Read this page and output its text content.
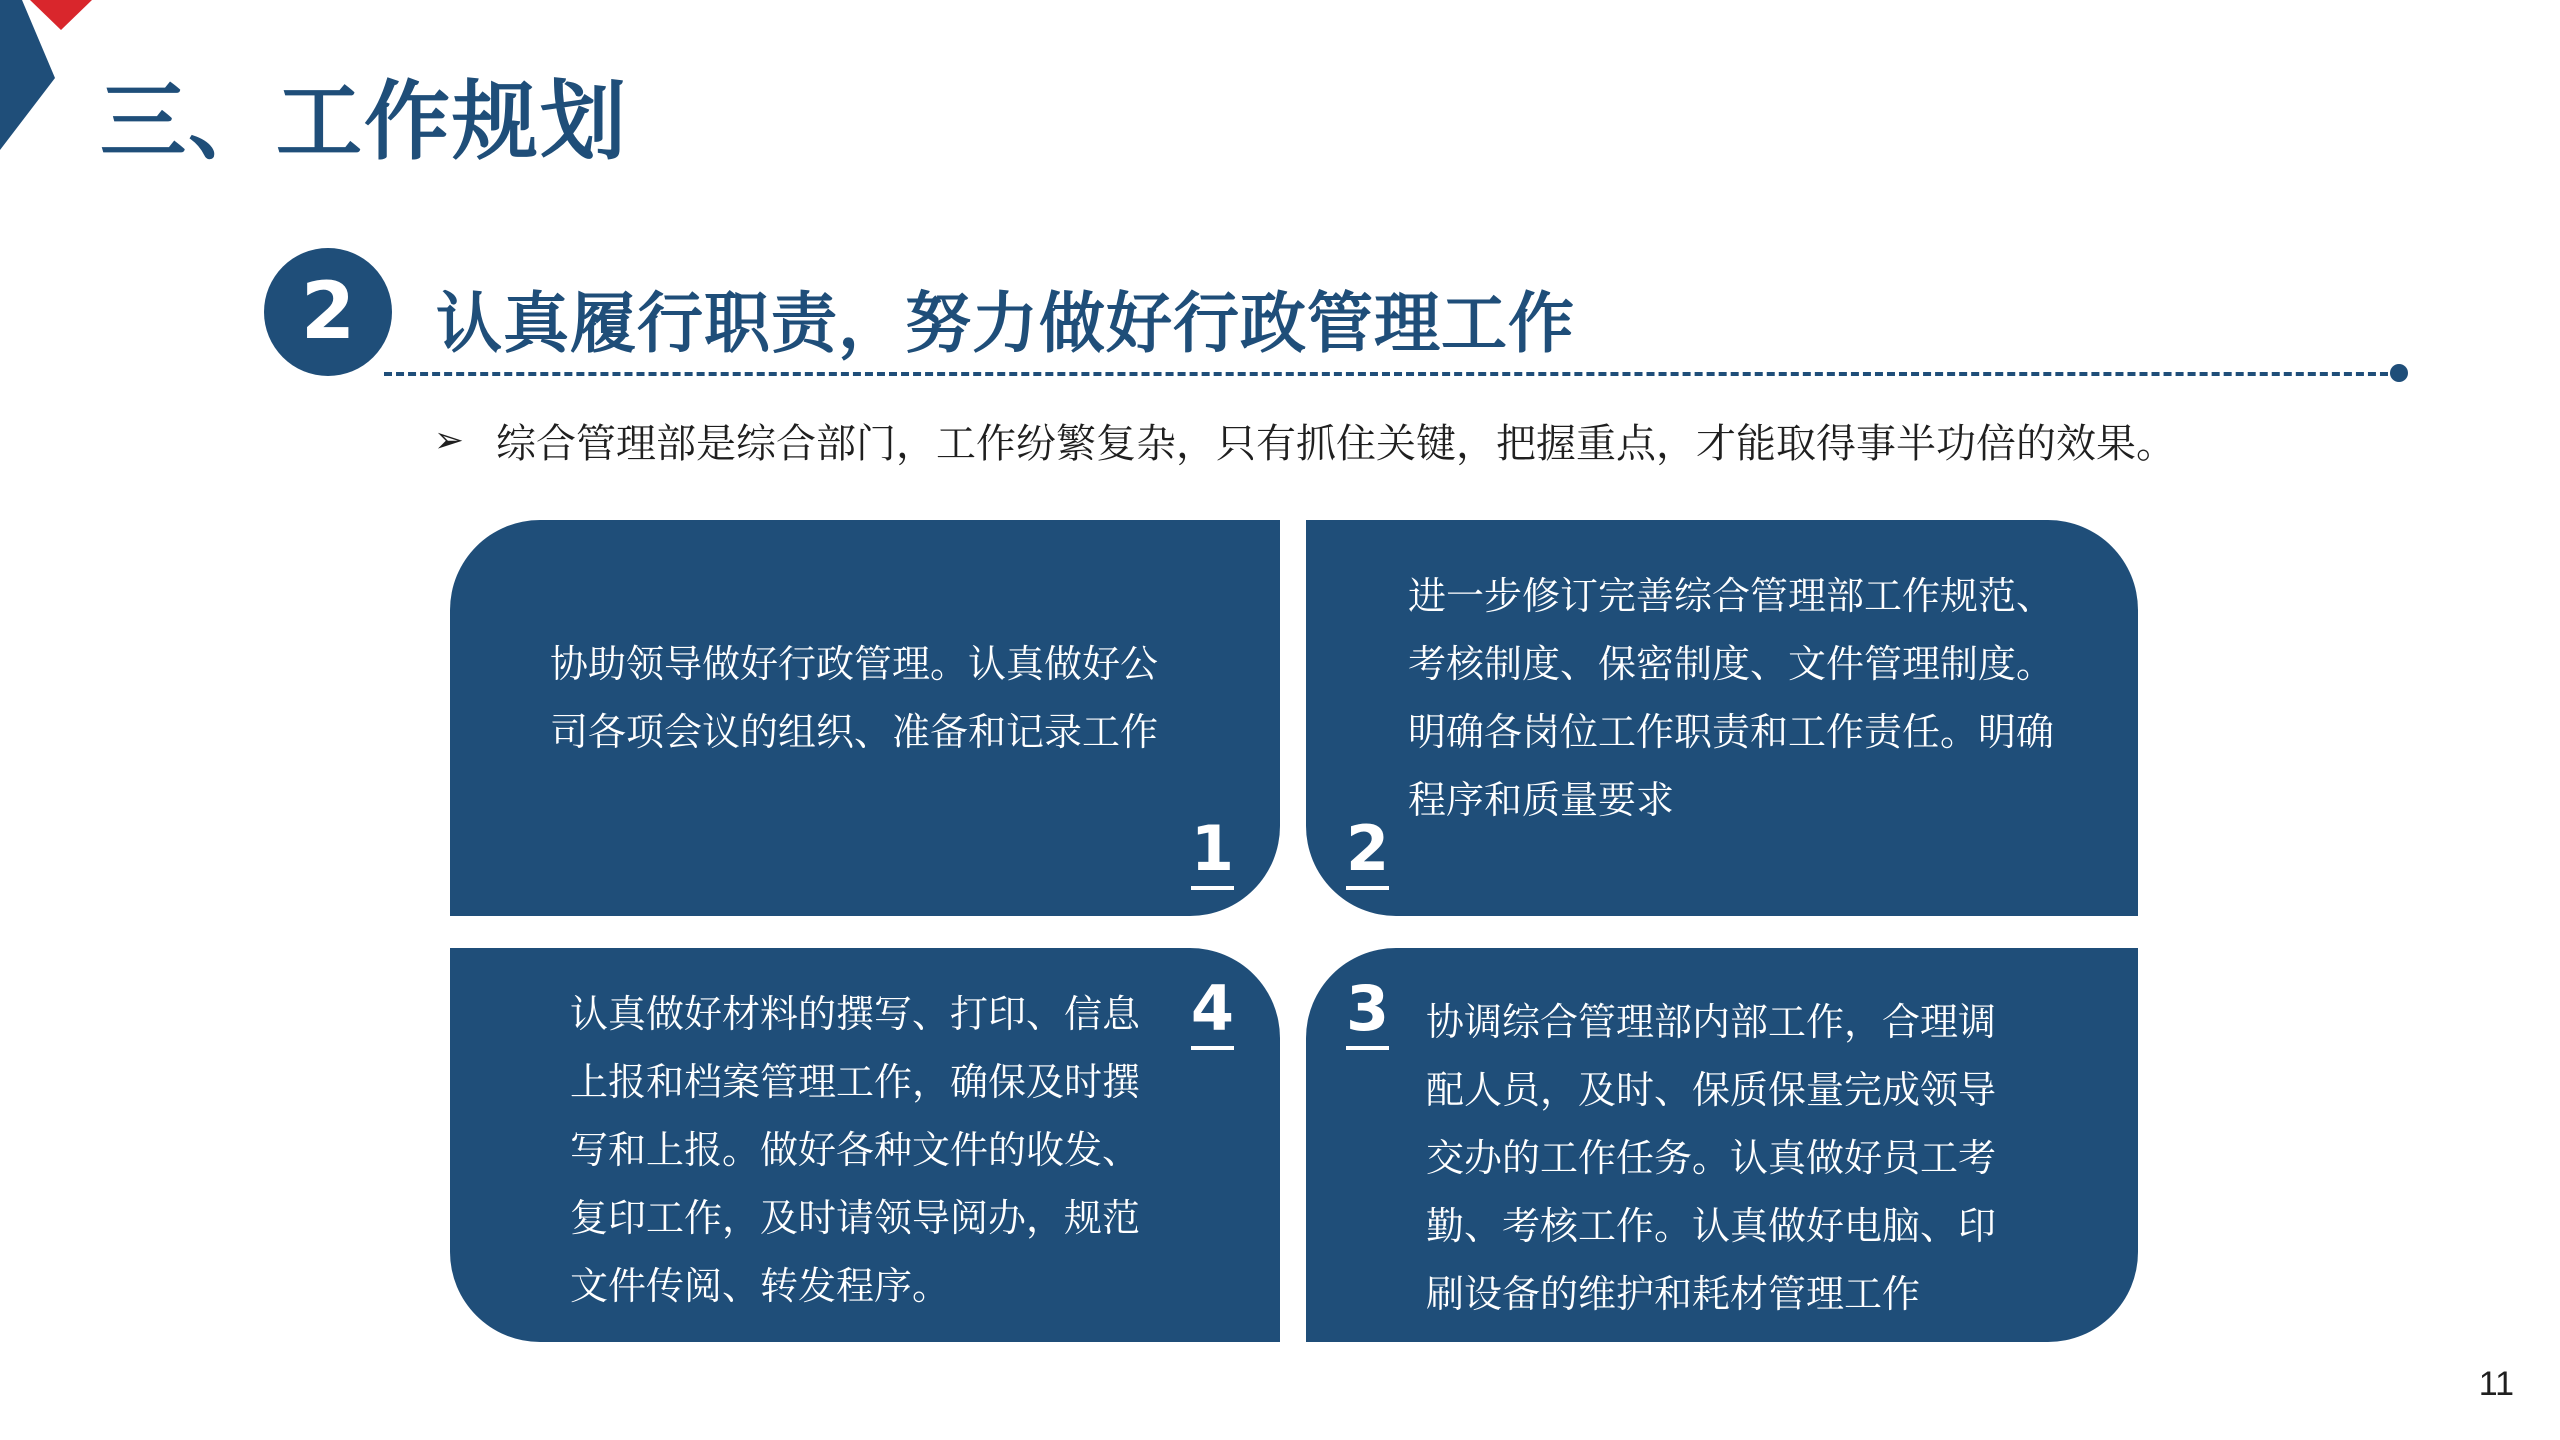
三、工作规划
2	认真履行职责，努力做好行政管理工作
➢ 综合管理部是综合部门，工作纷繁复杂，只有抓住关键，把握重点，才能取得事半功倍的效果。
协助领导做好行政管理。认真做好公司各项会议的组织、准备和记录工作
1
进一步修订完善综合管理部工作规范、考核制度、保密制度、文件管理制度。明确各岗位工作职责和工作责任。明确程序和质量要求
2
4
认真做好材料的撰写、打印、信息上报和档案管理工作，确保及时撰写和上报。做好各种文件的收发、复印工作，及时请领导阅办，规范文件传阅、转发程序。
3 协调综合管理部内部工作，合理调配人员，及时、保质保量完成领导交办的工作任务。认真做好员工考勤、考核工作。认真做好电脑、印刷设备的维护和耗材管理工作
11
